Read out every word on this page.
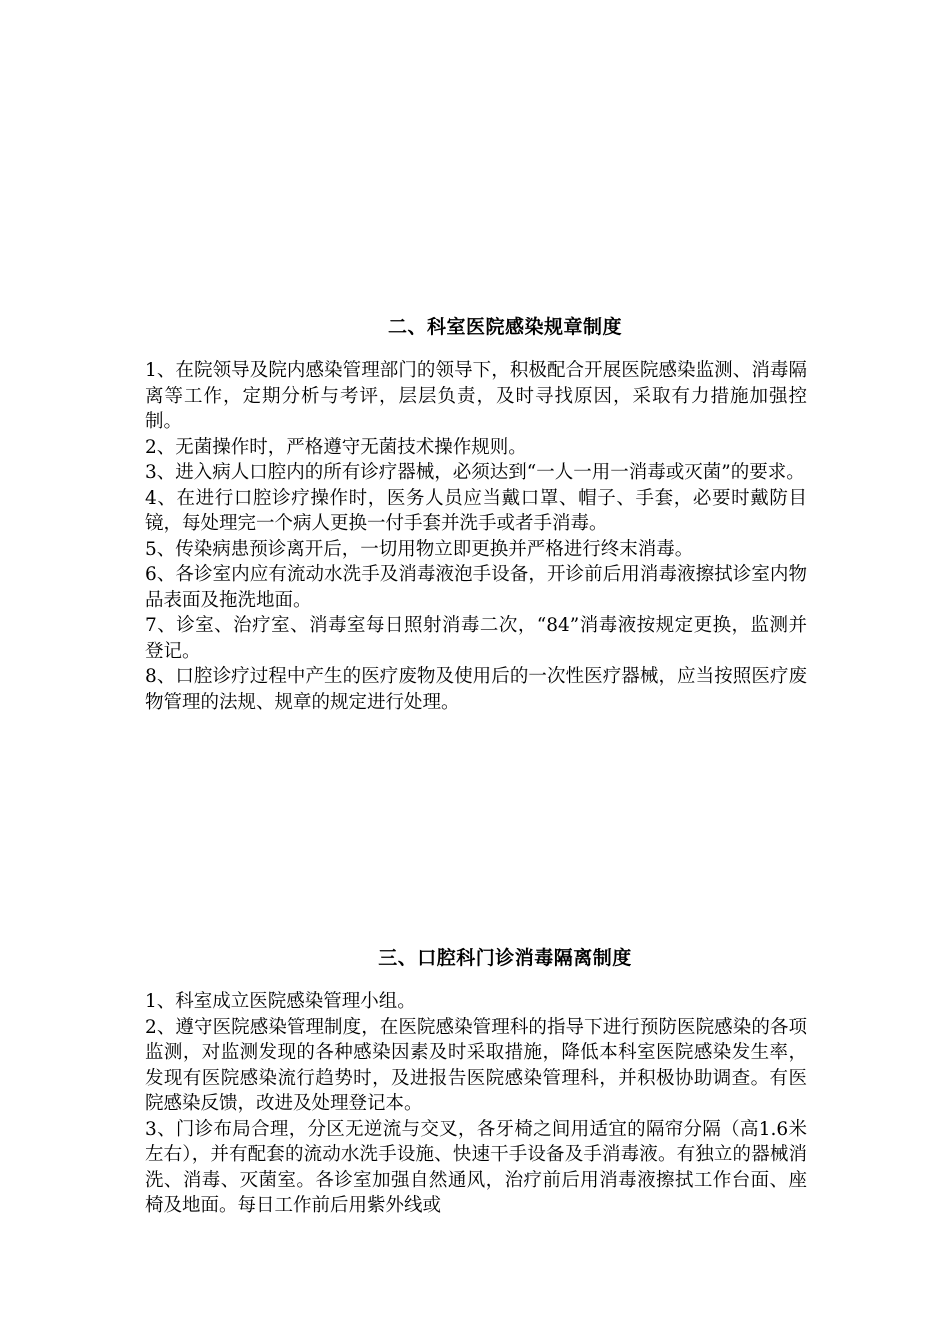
二、科室医院感染规章制度

1、在院领导及院内感染管理部门的领导下，积极配合开展医院感染监测、消毒隔离等工作，定期分析与考评，层层负责，及时寻找原因，采取有力措施加强控制。

2、无菌操作时，严格遵守无菌技术操作规则。

3、进入病人口腔内的所有诊疗器械，必须达到“一人一用一消毒或灭菌”的要求。

4、在进行口腔诊疗操作时，医务人员应当戴口罩、帽子、手套，必要时戴防目镜，每处理完一个病人更换一付手套并洗手或者手消毒。

5、传染病患预诊离开后，一切用物立即更换并严格进行终末消毒。

6、各诊室内应有流动水洗手及消毒液泡手设备，开诊前后用消毒液擦拭诊室内物品表面及拖洗地面。

7、诊室、治疗室、消毒室每日照射消毒二次，“84”消毒液按规定更换，监测并登记。

8、口腔诊疗过程中产生的医疗废物及使用后的一次性医疗器械，应当按照医疗废物管理的法规、规章的规定进行处理。

三、口腔科门诊消毒隔离制度

1、科室成立医院感染管理小组。

2、遵守医院感染管理制度，在医院感染管理科的指导下进行预防医院感染的各项监测，对监测发现的各种感染因素及时采取措施，降低本科室医院感染发生率，发现有医院感染流行趋势时，及进报告医院感染管理科，并积极协助调查。有医院感染反馈，改进及处理登记本。

3、门诊布局合理，分区无逆流与交叉，各牙椅之间用适宜的隔帘分隔（高1.6米左右），并有配套的流动水洗手设施、快速干手设备及手消毒液。有独立的器械消洗、消毒、灭菌室。各诊室加强自然通风，治疗前后用消毒液擦拭工作台面、座椅及地面。每日工作前后用紫外线或
